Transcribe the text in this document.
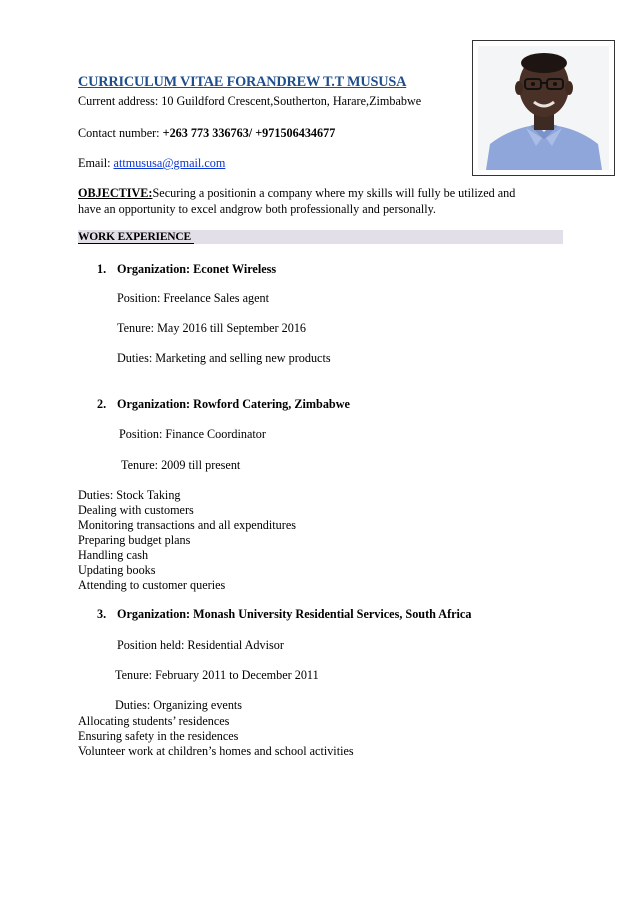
CURRICULUM VITAE FORANDREW T.T MUSUSA
Current address: 10 Guildford Crescent,Southerton, Harare,Zimbabwe
Contact number: +263 773 336763/ +971506434677
Email: attmususa@gmail.com
OBJECTIVE:Securing a positionin a company where my skills will fully be utilized and
have an opportunity to excel andgrow both professionally and personally.
WORK EXPERIENCE
1. Organization: Econet Wireless
Position: Freelance Sales agent
Tenure: May 2016 till September 2016
Duties: Marketing and selling new products
2. Organization: Rowford Catering, Zimbabwe
Position: Finance Coordinator
Tenure: 2009 till present
Duties: Stock Taking
Dealing with customers
Monitoring transactions and all expenditures
Preparing budget plans
Handling cash
Updating books
Attending to customer queries
3. Organization: Monash University Residential Services, South Africa
Position held: Residential Advisor
Tenure: February 2011 to December 2011
Duties: Organizing events
Allocating students’ residences
Ensuring safety in the residences
Volunteer work at children’s homes and school activities
